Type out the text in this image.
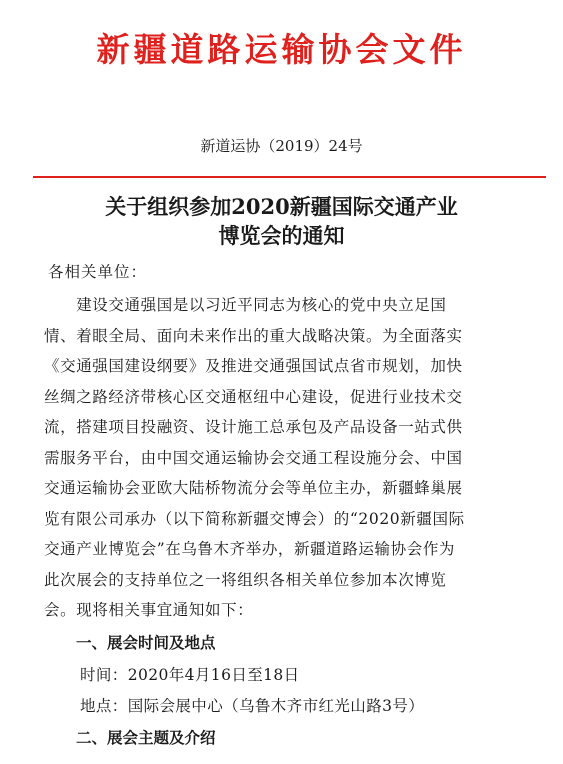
新疆道路运输协会文件
新道运协（2019）24号
关于组织参加2020新疆国际交通产业
博览会的通知
各相关单位：
　　建设交通强国是以习近平同志为核心的党中央立足国
情、着眼全局、面向未来作出的重大战略决策。为全面落实
《交通强国建设纲要》及推进交通强国试点省市规划，加快
丝绸之路经济带核心区交通枢纽中心建设，促进行业技术交
流，搭建项目投融资、设计施工总承包及产品设备一站式供
需服务平台，由中国交通运输协会交通工程设施分会、中国
交通运输协会亚欧大陆桥物流分会等单位主办，新疆蜂巢展
览有限公司承办（以下简称新疆交博会）的“2020新疆国际
交通产业博览会”在乌鲁木齐举办，新疆道路运输协会作为
此次展会的支持单位之一将组织各相关单位参加本次博览
会。现将相关事宜通知如下：
一、展会时间及地点
时间：2020年4月16日至18日
地点：国际会展中心（乌鲁木齐市红光山路3号）
二、展会主题及介绍
